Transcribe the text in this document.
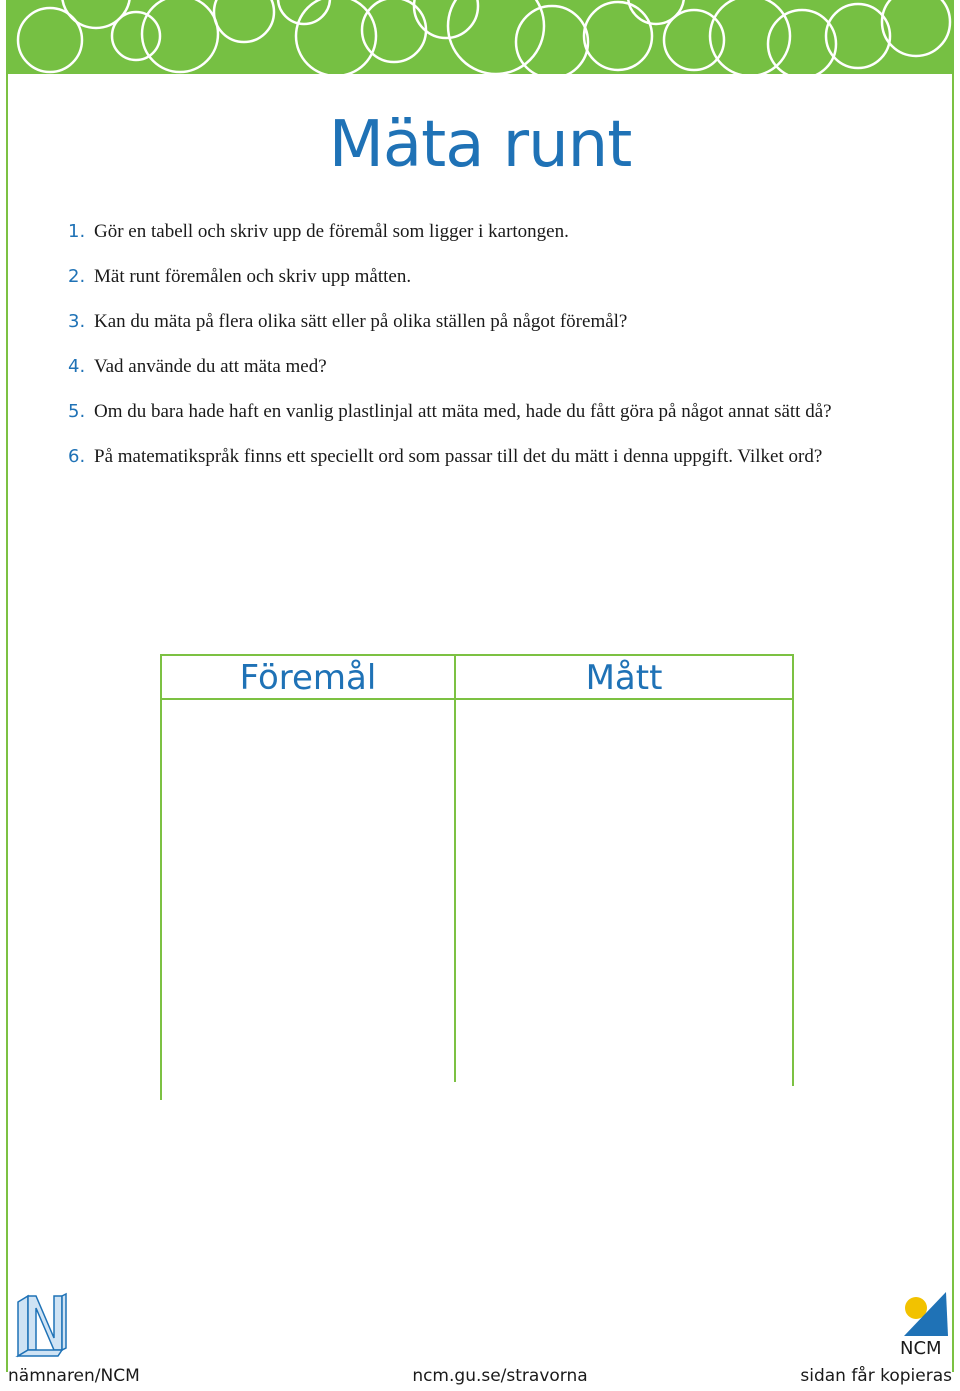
Mäta runt
1. Gör en tabell och skriv upp de föremål som ligger i kartongen.
2. Mät runt föremålen och skriv upp måtten.
3. Kan du mäta på flera olika sätt eller på olika ställen på något föremål?
4. Vad använde du att mäta med?
5. Om du bara hade haft en vanlig plastlinjal att mäta med, hade du fått göra på något annat sätt då?
6. På matematikspråk finns ett speciellt ord som passar till det du mätt i denna uppgift. Vilket ord?
Föremål	Mått
NCM
nämnaren/NCM	ncm.gu.se/stravorna	sidan får kopieras
